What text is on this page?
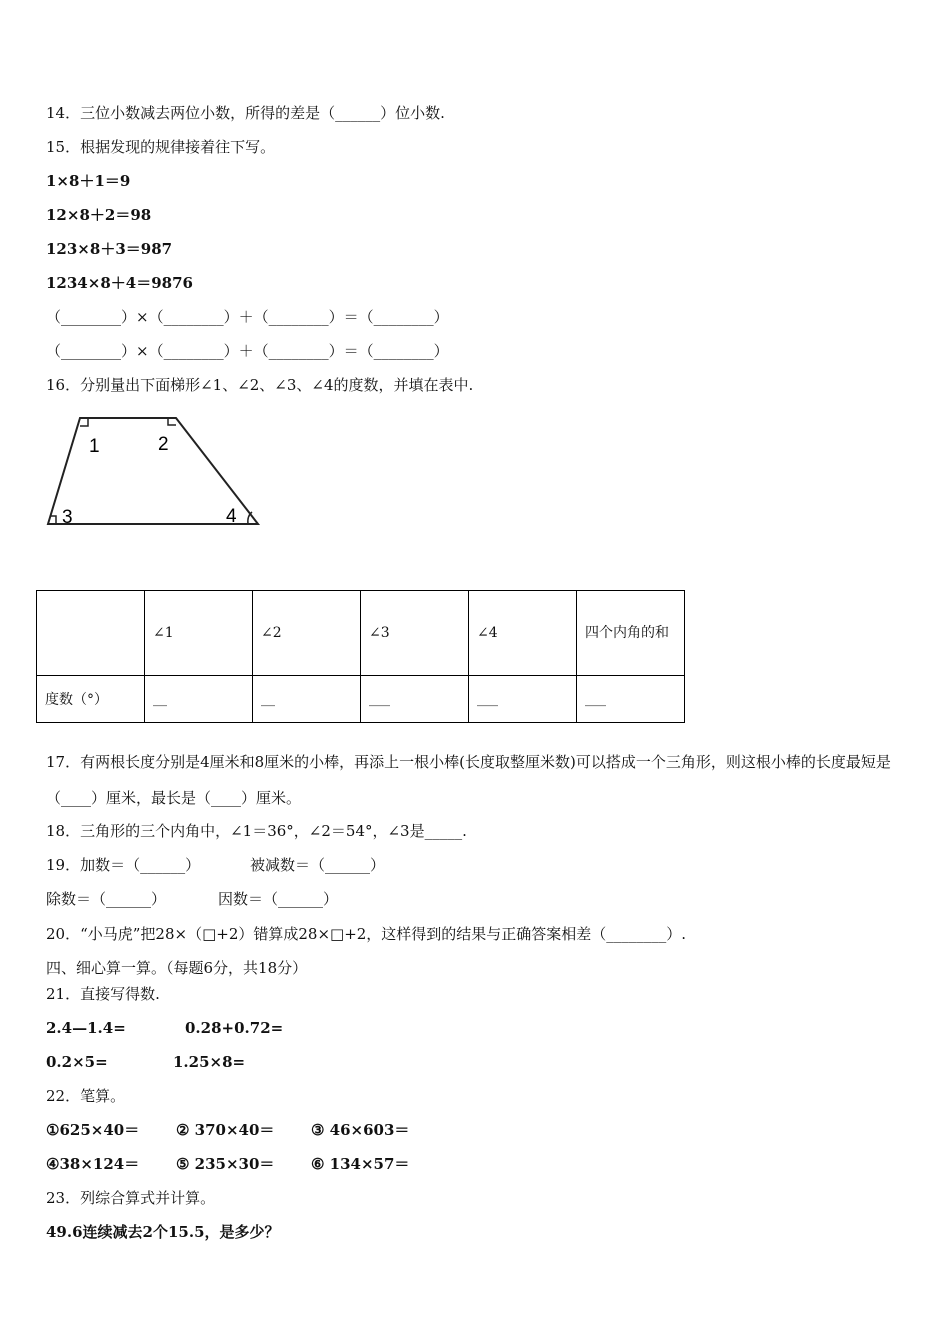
14．三位小数减去两位小数，所得的差是（______）位小数.
15．根据发现的规律接着往下写。
1×8＋1＝9
12×8＋2＝98
123×8＋3＝987
1234×8＋4＝9876
（________）×（________）＋（________）＝（________）
（________）×（________）＋（________）＝（________）
16．分别量出下面梯形∠1、∠2、∠3、∠4的度数，并填在表中.
1	2
3	4
	∠1	∠2	∠3	∠4	四个内角的和

度数（°）	__	__	___	___	___
17．有两根长度分别是4厘米和8厘米的小棒，再添上一根小棒(长度取整厘米数)可以搭成一个三角形，则这根小棒的长度最短是（____）厘米，最长是（____）厘米。
18．三角形的三个内角中，∠1＝36°，∠2＝54°，∠3是_____.
19．加数＝（______）	被减数＝（______）
除数＝（______）	因数＝（______）
20．“小马虎”把28×（□+2）错算成28×□+2，这样得到的结果与正确答案相差（________）.
四、细心算一算。（每题6分，共18分）
21．直接写得数.
2.4—1.4=	0.28+0.72=
0.2×5=	1.25×8=
22．笔算。
①625×40＝ ② 370×40＝ ③ 46×603＝
④38×124＝ ⑤ 235×30＝ ⑥ 134×57＝
23．列综合算式并计算。
49.6连续减去2个15.5，是多少？
